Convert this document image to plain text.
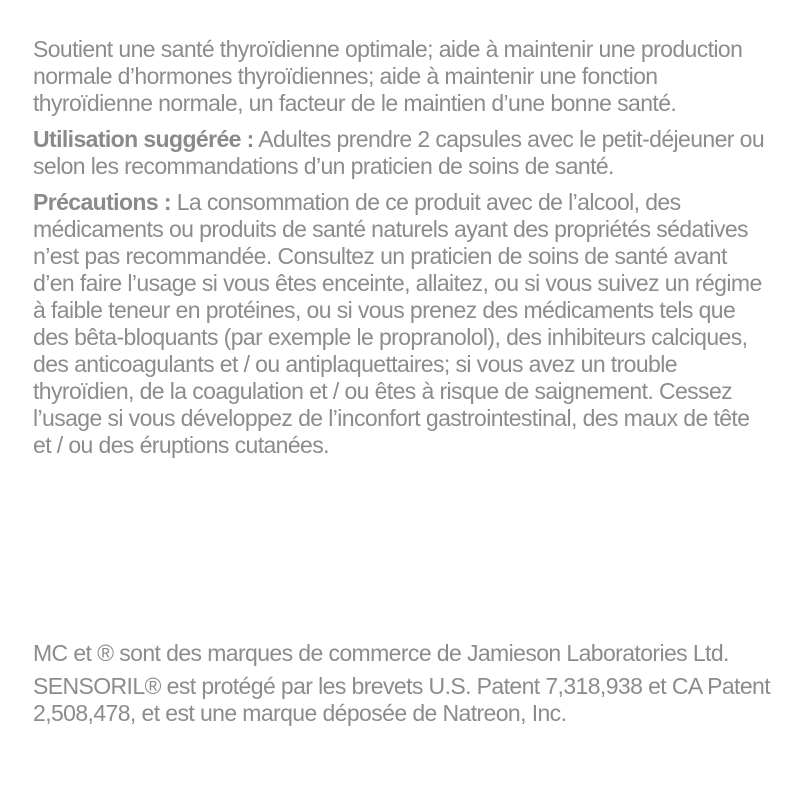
Soutient une santé thyroïdienne optimale; aide à maintenir une production normale d’hormones thyroïdiennes; aide à maintenir une fonction thyroïdienne normale, un facteur de le maintien d’une bonne santé.

Utilisation suggérée : Adultes prendre 2 capsules avec le petit-déjeuner ou selon les recommandations d’un praticien de soins de santé.

Précautions : La consommation de ce produit avec de l’alcool, des médicaments ou produits de santé naturels ayant des propriétés sédatives n’est pas recommandée. Consultez un praticien de soins de santé avant d’en faire l’usage si vous êtes enceinte, allaitez, ou si vous suivez un régime à faible teneur en protéines, ou si vous prenez des médicaments tels que des bêta-bloquants (par exemple le propranolol), des inhibiteurs calciques, des anticoagulants et / ou antiplaquettaires; si vous avez un trouble thyroïdien, de la coagulation et / ou êtes à risque de saignement. Cessez l’usage si vous développez de l’inconfort gastrointestinal, des maux de tête et / ou des éruptions cutanées.

MC et ® sont des marques de commerce de Jamieson Laboratories Ltd.

SENSORIL® est protégé par les brevets U.S. Patent 7,318,938 et CA Patent 2,508,478, et est une marque déposée de Natreon, Inc.
